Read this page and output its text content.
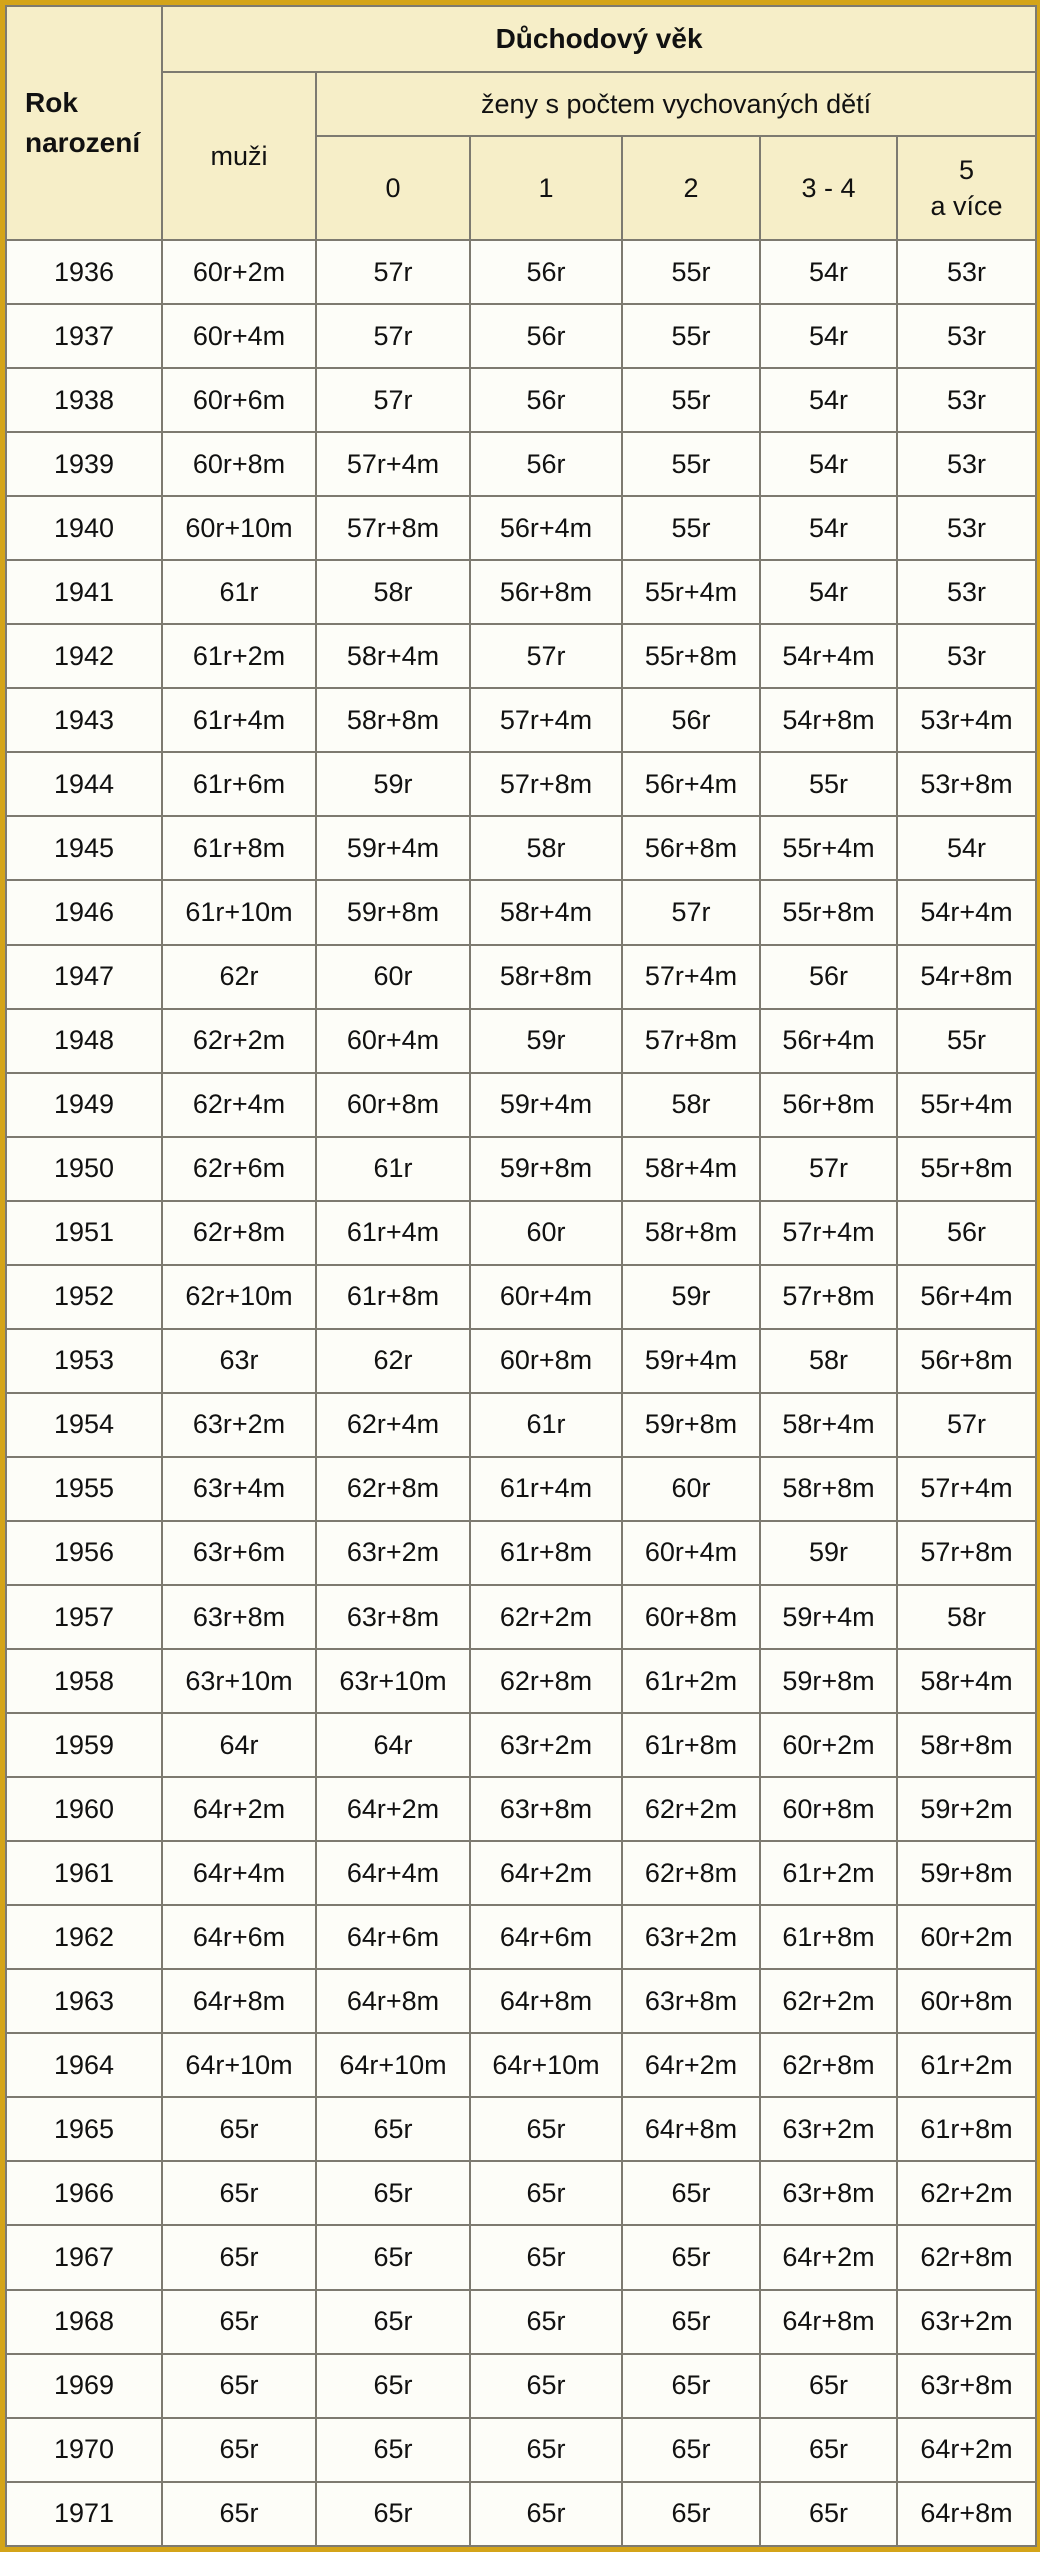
Rok
narození	Důchodový věk					
	muži	ženy s počtem vychovaných dětí				
		0	1	2	3 - 4	5
a více

1936	60r+2m	57r	56r	55r	54r	53r
1937	60r+4m	57r	56r	55r	54r	53r
1938	60r+6m	57r	56r	55r	54r	53r
1939	60r+8m	57r+4m	56r	55r	54r	53r
1940	60r+10m	57r+8m	56r+4m	55r	54r	53r
1941	61r	58r	56r+8m	55r+4m	54r	53r
1942	61r+2m	58r+4m	57r	55r+8m	54r+4m	53r
1943	61r+4m	58r+8m	57r+4m	56r	54r+8m	53r+4m
1944	61r+6m	59r	57r+8m	56r+4m	55r	53r+8m
1945	61r+8m	59r+4m	58r	56r+8m	55r+4m	54r
1946	61r+10m	59r+8m	58r+4m	57r	55r+8m	54r+4m
1947	62r	60r	58r+8m	57r+4m	56r	54r+8m
1948	62r+2m	60r+4m	59r	57r+8m	56r+4m	55r
1949	62r+4m	60r+8m	59r+4m	58r	56r+8m	55r+4m
1950	62r+6m	61r	59r+8m	58r+4m	57r	55r+8m
1951	62r+8m	61r+4m	60r	58r+8m	57r+4m	56r
1952	62r+10m	61r+8m	60r+4m	59r	57r+8m	56r+4m
1953	63r	62r	60r+8m	59r+4m	58r	56r+8m
1954	63r+2m	62r+4m	61r	59r+8m	58r+4m	57r
1955	63r+4m	62r+8m	61r+4m	60r	58r+8m	57r+4m
1956	63r+6m	63r+2m	61r+8m	60r+4m	59r	57r+8m
1957	63r+8m	63r+8m	62r+2m	60r+8m	59r+4m	58r
1958	63r+10m	63r+10m	62r+8m	61r+2m	59r+8m	58r+4m
1959	64r	64r	63r+2m	61r+8m	60r+2m	58r+8m
1960	64r+2m	64r+2m	63r+8m	62r+2m	60r+8m	59r+2m
1961	64r+4m	64r+4m	64r+2m	62r+8m	61r+2m	59r+8m
1962	64r+6m	64r+6m	64r+6m	63r+2m	61r+8m	60r+2m
1963	64r+8m	64r+8m	64r+8m	63r+8m	62r+2m	60r+8m
1964	64r+10m	64r+10m	64r+10m	64r+2m	62r+8m	61r+2m
1965	65r	65r	65r	64r+8m	63r+2m	61r+8m
1966	65r	65r	65r	65r	63r+8m	62r+2m
1967	65r	65r	65r	65r	64r+2m	62r+8m
1968	65r	65r	65r	65r	64r+8m	63r+2m
1969	65r	65r	65r	65r	65r	63r+8m
1970	65r	65r	65r	65r	65r	64r+2m
1971	65r	65r	65r	65r	65r	64r+8m
